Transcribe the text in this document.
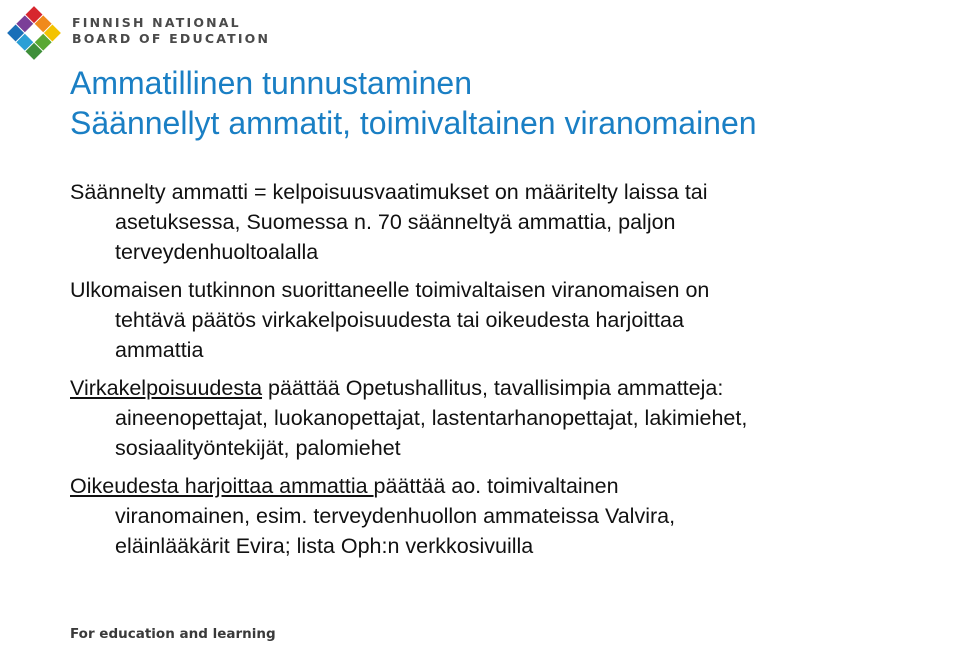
FINNISH NATIONAL
BOARD OF EDUCATION
Ammatillinen tunnustaminen
Säännellyt ammatit, toimivaltainen viranomainen
Säännelty ammatti = kelpoisuusvaatimukset on määritelty laissa tai
asetuksessa, Suomessa n. 70 säänneltyä ammattia, paljon
terveydenhuoltoalalla
Ulkomaisen tutkinnon suorittaneelle toimivaltaisen viranomaisen on
tehtävä päätös virkakelpoisuudesta tai oikeudesta harjoittaa
ammattia
Virkakelpoisuudesta päättää Opetushallitus, tavallisimpia ammatteja:
aineenopettajat, luokanopettajat, lastentarhanopettajat, lakimiehet,
sosiaalityöntekijät, palomiehet
Oikeudesta harjoittaa ammattia päättää ao. toimivaltainen
viranomainen, esim. terveydenhuollon ammateissa Valvira,
eläinlääkärit Evira; lista Oph:n verkkosivuilla
For education and learning
